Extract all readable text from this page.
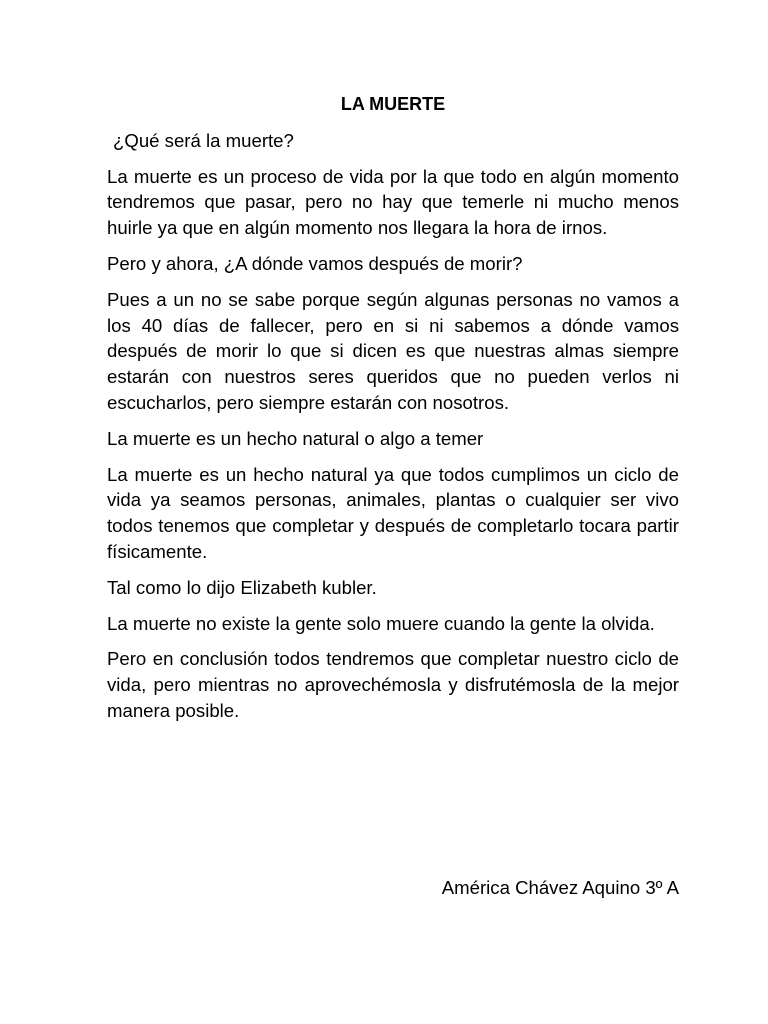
LA MUERTE

¿Qué será la muerte?

La muerte es un proceso de vida por la que todo en algún momento tendremos que pasar, pero no hay que temerle ni mucho menos huirle ya que en algún momento nos llegara la hora de irnos.

Pero y ahora, ¿A dónde vamos después de morir?

Pues a un no se sabe porque según algunas personas no vamos a los 40 días de fallecer, pero en si ni sabemos a dónde vamos después de morir lo que si dicen es que nuestras almas siempre estarán con nuestros seres queridos que no pueden verlos ni escucharlos, pero siempre estarán con nosotros.

La muerte es un hecho natural o algo a temer

La muerte es un hecho natural ya que todos cumplimos un ciclo de vida ya seamos personas, animales, plantas o cualquier ser vivo todos tenemos que completar y después de completarlo tocara partir físicamente.

Tal como lo dijo Elizabeth kubler.

La muerte no existe la gente solo muere cuando la gente la olvida.

Pero en conclusión todos tendremos que completar nuestro ciclo de vida, pero mientras no aprovechémosla y disfrutémosla de la mejor manera posible.

América Chávez Aquino 3º A
